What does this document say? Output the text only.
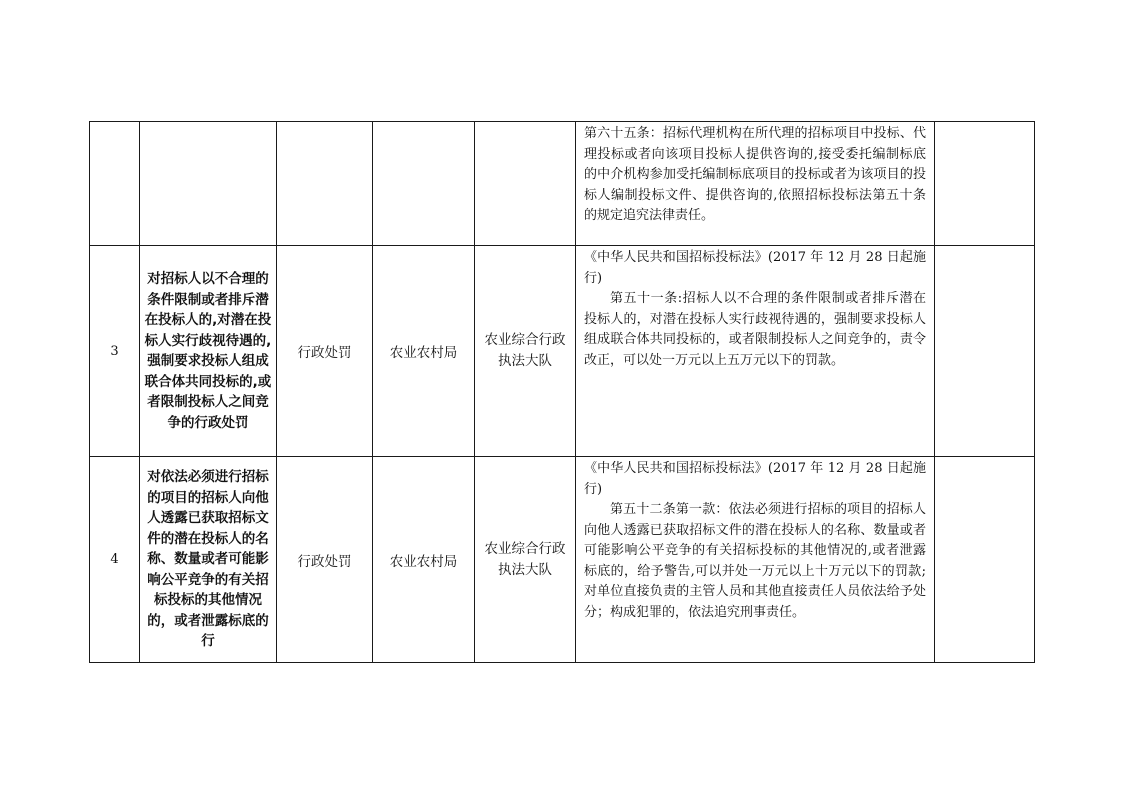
					第六十五条：招标代理机构在所代理的招标项目中投标、代理投标或者向该项目投标人提供咨询的,接受委托编制标底的中介机构参加受托编制标底项目的投标或者为该项目的投标人编制投标文件、提供咨询的,依照招标投标法第五十条的规定追究法律责任。	

3	对招标人以不合理的条件限制或者排斥潜在投标人的,对潜在投标人实行歧视待遇的,强制要求投标人组成联合体共同投标的,或者限制投标人之间竞争的行政处罚	行政处罚	农业农村局	农业综合行政执法大队	《中华人民共和国招标投标法》(2017 年 12 月 28 日起施行)

第五十一条:招标人以不合理的条件限制或者排斥潜在投标人的，对潜在投标人实行歧视待遇的，强制要求投标人组成联合体共同投标的，或者限制投标人之间竞争的，责令改正，可以处一万元以上五万元以下的罚款。	

4	对依法必须进行招标的项目的招标人向他人透露已获取招标文件的潜在投标人的名称、数量或者可能影响公平竞争的有关招标投标的其他情况的，或者泄露标底的行	行政处罚	农业农村局	农业综合行政执法大队	《中华人民共和国招标投标法》(2017 年 12 月 28 日起施行)

第五十二条第一款：依法必须进行招标的项目的招标人向他人透露已获取招标文件的潜在投标人的名称、数量或者可能影响公平竞争的有关招标投标的其他情况的,或者泄露标底的，给予警告,可以并处一万元以上十万元以下的罚款;对单位直接负责的主管人员和其他直接责任人员依法给予处分；构成犯罪的，依法追究刑事责任。	
